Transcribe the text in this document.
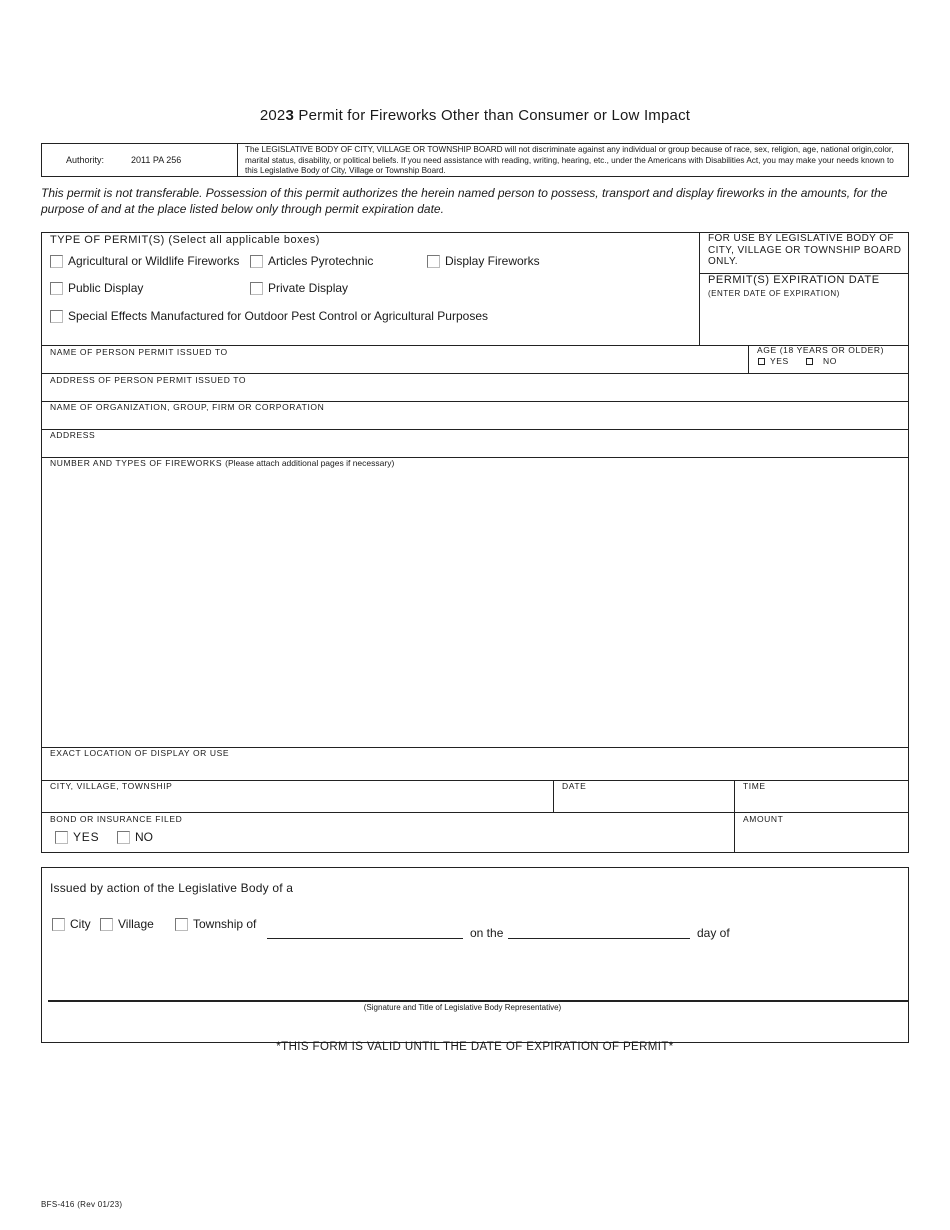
2023 Permit for Fireworks Other than Consumer or Low Impact
Authority:	2011 PA 256
The LEGISLATIVE BODY OF CITY, VILLAGE OR TOWNSHIP BOARD will not discriminate against any individual or group because of race, sex, religion, age, national origin,color, marital status, disability, or political beliefs. If you need assistance with reading, writing, hearing, etc., under the Americans with Disabilities Act, you may make your needs known to this Legislative Body of City, Village or Township Board.
This permit is not transferable. Possession of this permit authorizes the herein named person to possess, transport and display fireworks in the amounts, for the purpose of and at the place listed below only through permit expiration date.
TYPE OF PERMIT(S) (Select all applicable boxes)
Agricultural or Wildlife Fireworks Articles Pyrotechnic	Display Fireworks
Public Display	Private Display
Special Effects Manufactured for Outdoor Pest Control or Agricultural Purposes
FOR USE BY LEGISLATIVE BODY OF CITY, VILLAGE OR TOWNSHIP BOARD ONLY.
PERMIT(S) EXPIRATION DATE
(ENTER DATE OF EXPIRATION)
NAME OF PERSON PERMIT ISSUED TO	AGE (18 YEARS OR OLDER)
YES	NO
ADDRESS OF PERSON PERMIT ISSUED TO
NAME OF ORGANIZATION, GROUP, FIRM OR CORPORATION
ADDRESS
NUMBER AND TYPES OF FIREWORKS (Please attach additional pages if necessary)
EXACT LOCATION OF DISPLAY OR USE
CITY, VILLAGE, TOWNSHIP	DATE	TIME
BOND OR INSURANCE FILED
YES	NO
AMOUNT
Issued by action of the Legislative Body of a
City Village	Township of
on the	day of
(Signature and Title of Legislative Body Representative)
*THIS FORM IS VALID UNTIL THE DATE OF EXPIRATION OF PERMIT*
BFS-416 (Rev 01/23)
